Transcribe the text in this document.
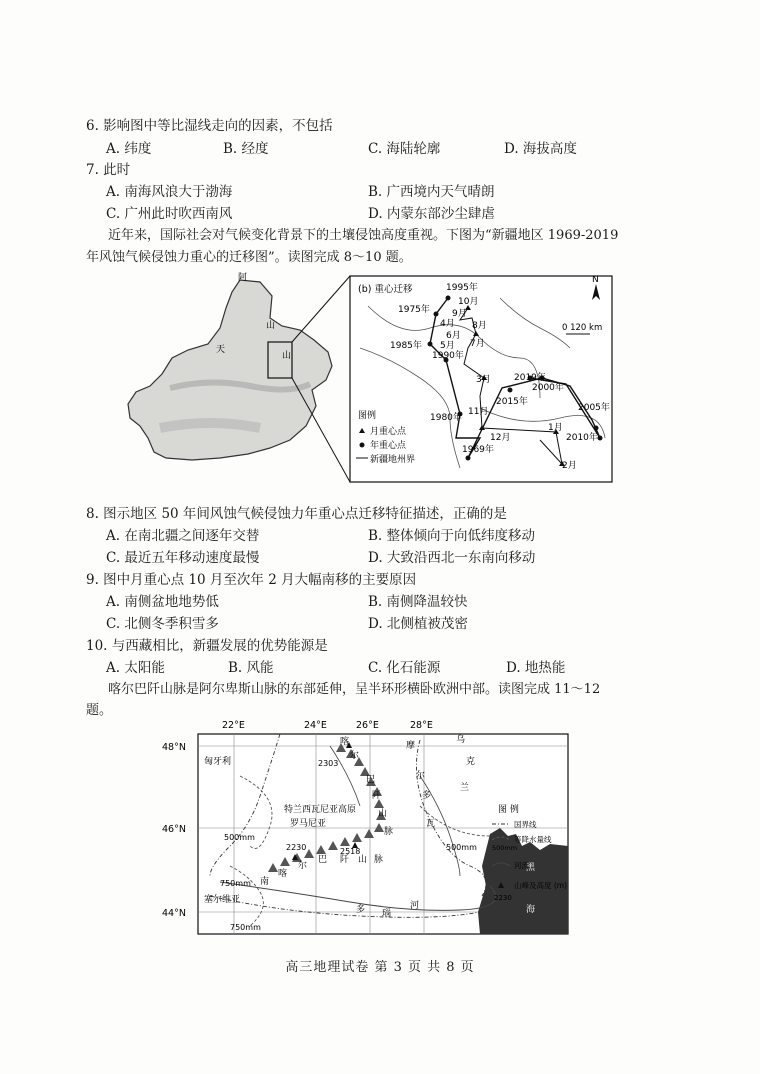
6. 影响图中等比湿线走向的因素，不包括
A. 纬度	B. 经度	C. 海陆轮廓	D. 海拔高度
7. 此时
A. 南海风浪大于渤海	B. 广西境内天气晴朗
C. 广州此时吹西南风	D. 内蒙东部沙尘肆虐
近年来，国际社会对气候变化背景下的土壤侵蚀高度重视。下图为“新疆地区 1969-2019
年风蚀气候侵蚀力重心的迁移图”。读图完成 8～10 题。
阿
山
天
山
(b) 重心迁移
N
0 120 km
1995年
1975年
1985年
1990年
1980年
1969年
2019年
2000年
2015年
2005年
2010年
10月
9月
4月 8月
6月
5月 7月
3月
11月
12月
1月
2月
图例
月重心点
年重心点
新疆地州界
8. 图示地区 50 年间风蚀气候侵蚀力年重心点迁移特征描述，正确的是
A. 在南北疆之间逐年交替	B. 整体倾向于向低纬度移动
C. 最近五年移动速度最慢	D. 大致沿西北一东南向移动
9. 图中月重心点 10 月至次年 2 月大幅南移的主要原因
A. 南侧盆地地势低	B. 南侧降温较快
C. 北侧冬季积雪多	D. 北侧植被茂密
10. 与西藏相比，新疆发展的优势能源是
A. 太阳能	B. 风能	C. 化石能源	D. 地热能
喀尔巴阡山脉是阿尔卑斯山脉的东部延伸，呈半环形横卧欧洲中部。读图完成 11～12
题。
22°E	24°E	26°E	28°E
48°N
46°N
44°N
黑
海
2303
2230	2518
匈牙利
特兰西瓦尼亚高原
罗马尼亚
塞尔维亚
喀
尔
巴
阡
山
脉
南
喀
尔
巴 阡 山 脉
摩
尔
多
瓦
乌
克
兰
多 瑙
河
500mm
750mm
500mm
750mm
图 例
国界线
500mm
等降水量线
河流
2230
山峰及高度 (m)
高三地理试卷 第 3 页 共 8 页
